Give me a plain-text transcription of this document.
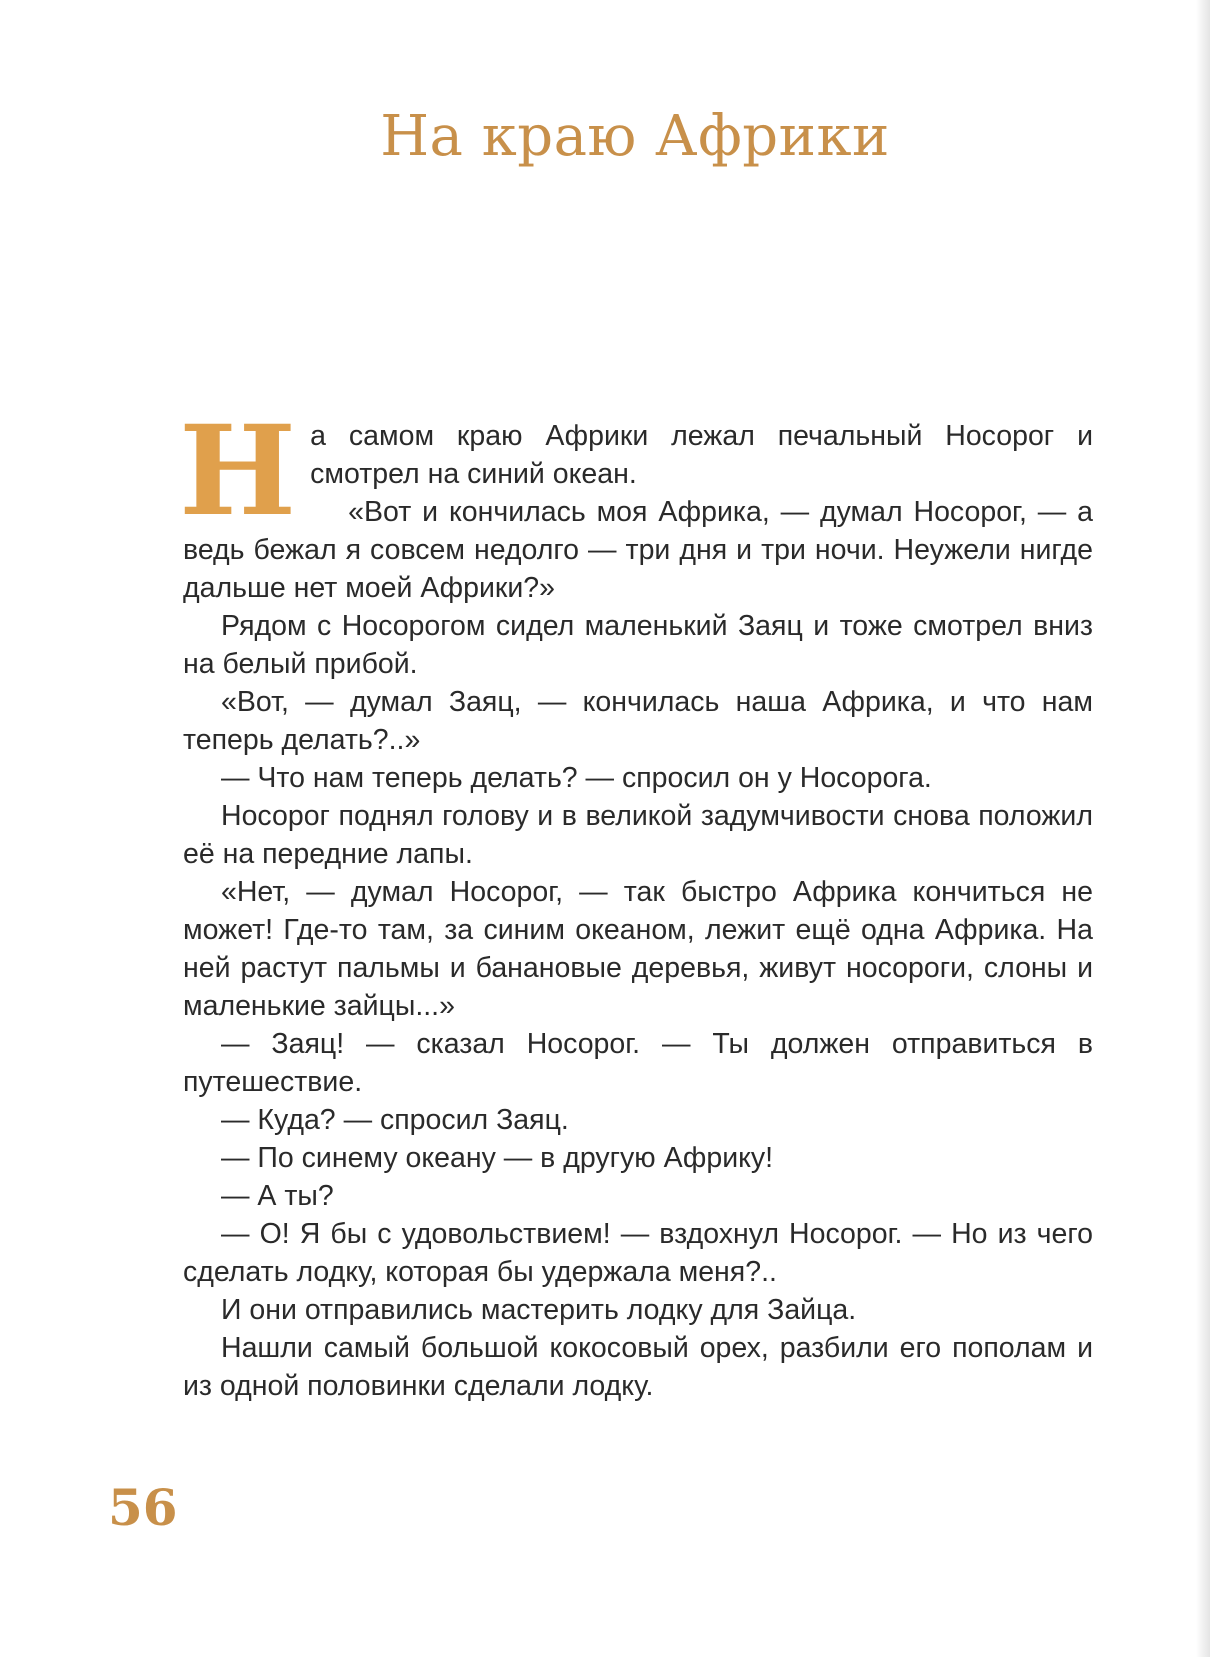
На краю Африки

На самом краю Африки лежал печальный Носорог и смотрел на синий океан.

«Вот и кончилась моя Африка, — думал Носорог, — а ведь бежал я совсем недолго — три дня и три ночи. Неужели нигде дальше нет моей Африки?»

Рядом с Носорогом сидел маленький Заяц и тоже смотрел вниз на белый прибой.

«Вот, — думал Заяц, — кончилась наша Африка, и что нам теперь делать?..»

— Что нам теперь делать? — спросил он у Носорога.

Носорог поднял голову и в великой задумчивости снова положил её на передние лапы.

«Нет, — думал Носорог, — так быстро Африка кончиться не может! Где-то там, за синим океаном, лежит ещё одна Африка. На ней растут пальмы и банановые деревья, живут носороги, слоны и маленькие зайцы...»

— Заяц! — сказал Носорог. — Ты должен отправиться в путешествие.

— Куда? — спросил Заяц.

— По синему океану — в другую Африку!

— А ты?

— О! Я бы с удовольствием! — вздохнул Носорог. — Но из чего сделать лодку, которая бы удержала меня?..

И они отправились мастерить лодку для Зайца.

Нашли самый большой кокосовый орех, разбили его пополам и из одной половинки сделали лодку.

56
